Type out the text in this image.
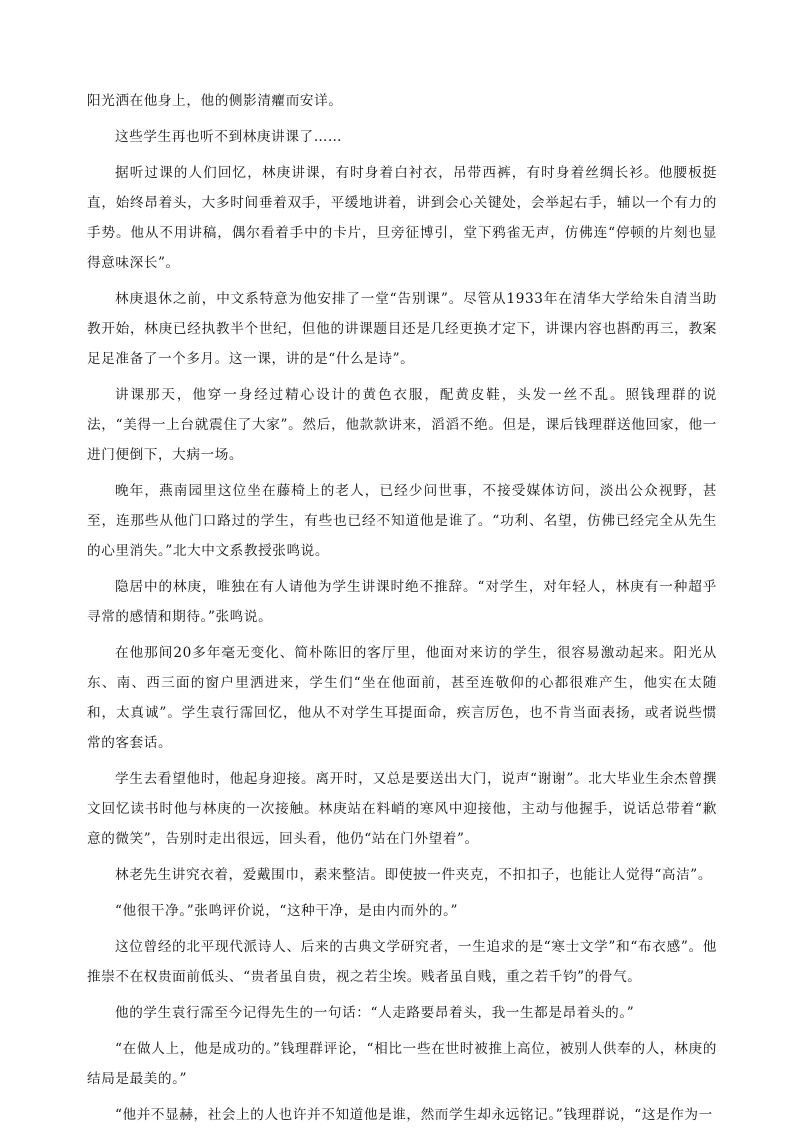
阳光洒在他身上，他的侧影清癯而安详。

这些学生再也听不到林庚讲课了……

据听过课的人们回忆，林庚讲课，有时身着白衬衣，吊带西裤，有时身着丝绸长衫。他腰板挺直，始终昂着头，大多时间垂着双手，平缓地讲着，讲到会心关键处，会举起右手，辅以一个有力的手势。他从不用讲稿，偶尔看着手中的卡片，旦旁征博引，堂下鸦雀无声，仿佛连“停顿的片刻也显得意味深长”。

林庚退休之前，中文系特意为他安排了一堂“告别课”。尽管从1933年在清华大学给朱自清当助教开始，林庚已经执教半个世纪，但他的讲课题目还是几经更换才定下，讲课内容也斟酌再三，教案足足准备了一个多月。这一课，讲的是“什么是诗”。

讲课那天，他穿一身经过精心设计的黄色衣服，配黄皮鞋，头发一丝不乱。照钱理群的说法，“美得一上台就震住了大家”。然后，他款款讲来，滔滔不绝。但是，课后钱理群送他回家，他一进门便倒下，大病一场。

晚年，燕南园里这位坐在藤椅上的老人，已经少问世事，不接受媒体访问，淡出公众视野，甚至，连那些从他门口路过的学生，有些也已经不知道他是谁了。“功利、名望，仿佛已经完全从先生的心里消失。”北大中文系教授张鸣说。

隐居中的林庚，唯独在有人请他为学生讲课时绝不推辞。“对学生，对年轻人，林庚有一种超乎寻常的感情和期待。”张鸣说。

在他那间20多年毫无变化、简朴陈旧的客厅里，他面对来访的学生，很容易激动起来。阳光从东、南、西三面的窗户里洒进来，学生们“坐在他面前，甚至连敬仰的心都很难产生，他实在太随和，太真诚”。学生袁行霈回忆，他从不对学生耳提面命，疾言厉色，也不肯当面表扬，或者说些惯常的客套话。

学生去看望他时，他起身迎接。离开时，又总是要送出大门，说声“谢谢”。北大毕业生余杰曾撰文回忆读书时他与林庚的一次接触。林庚站在料峭的寒风中迎接他，主动与他握手，说话总带着“歉意的微笑”，告别时走出很远，回头看，他仍“站在门外望着”。

林老先生讲究衣着，爱戴围巾，素来整洁。即使披一件夹克，不扣扣子，也能让人觉得“高洁”。

“他很干净。”张鸣评价说，“这种干净，是由内而外的。”

这位曾经的北平现代派诗人、后来的古典文学研究者，一生追求的是“寒士文学”和“布衣感”。他推崇不在权贵面前低头、“贵者虽自贵，视之若尘埃。贱者虽自贱，重之若千钧”的骨气。

他的学生袁行霈至今记得先生的一句话：“人走路要昂着头，我一生都是昂着头的。”

“在做人上，他是成功的。”钱理群评论，“相比一些在世时被推上高位，被别人供奉的人，林庚的结局是最美的。”

“他并不显赫，社会上的人也许并不知道他是谁，然而学生却永远铭记。”钱理群说，“这是作为一
